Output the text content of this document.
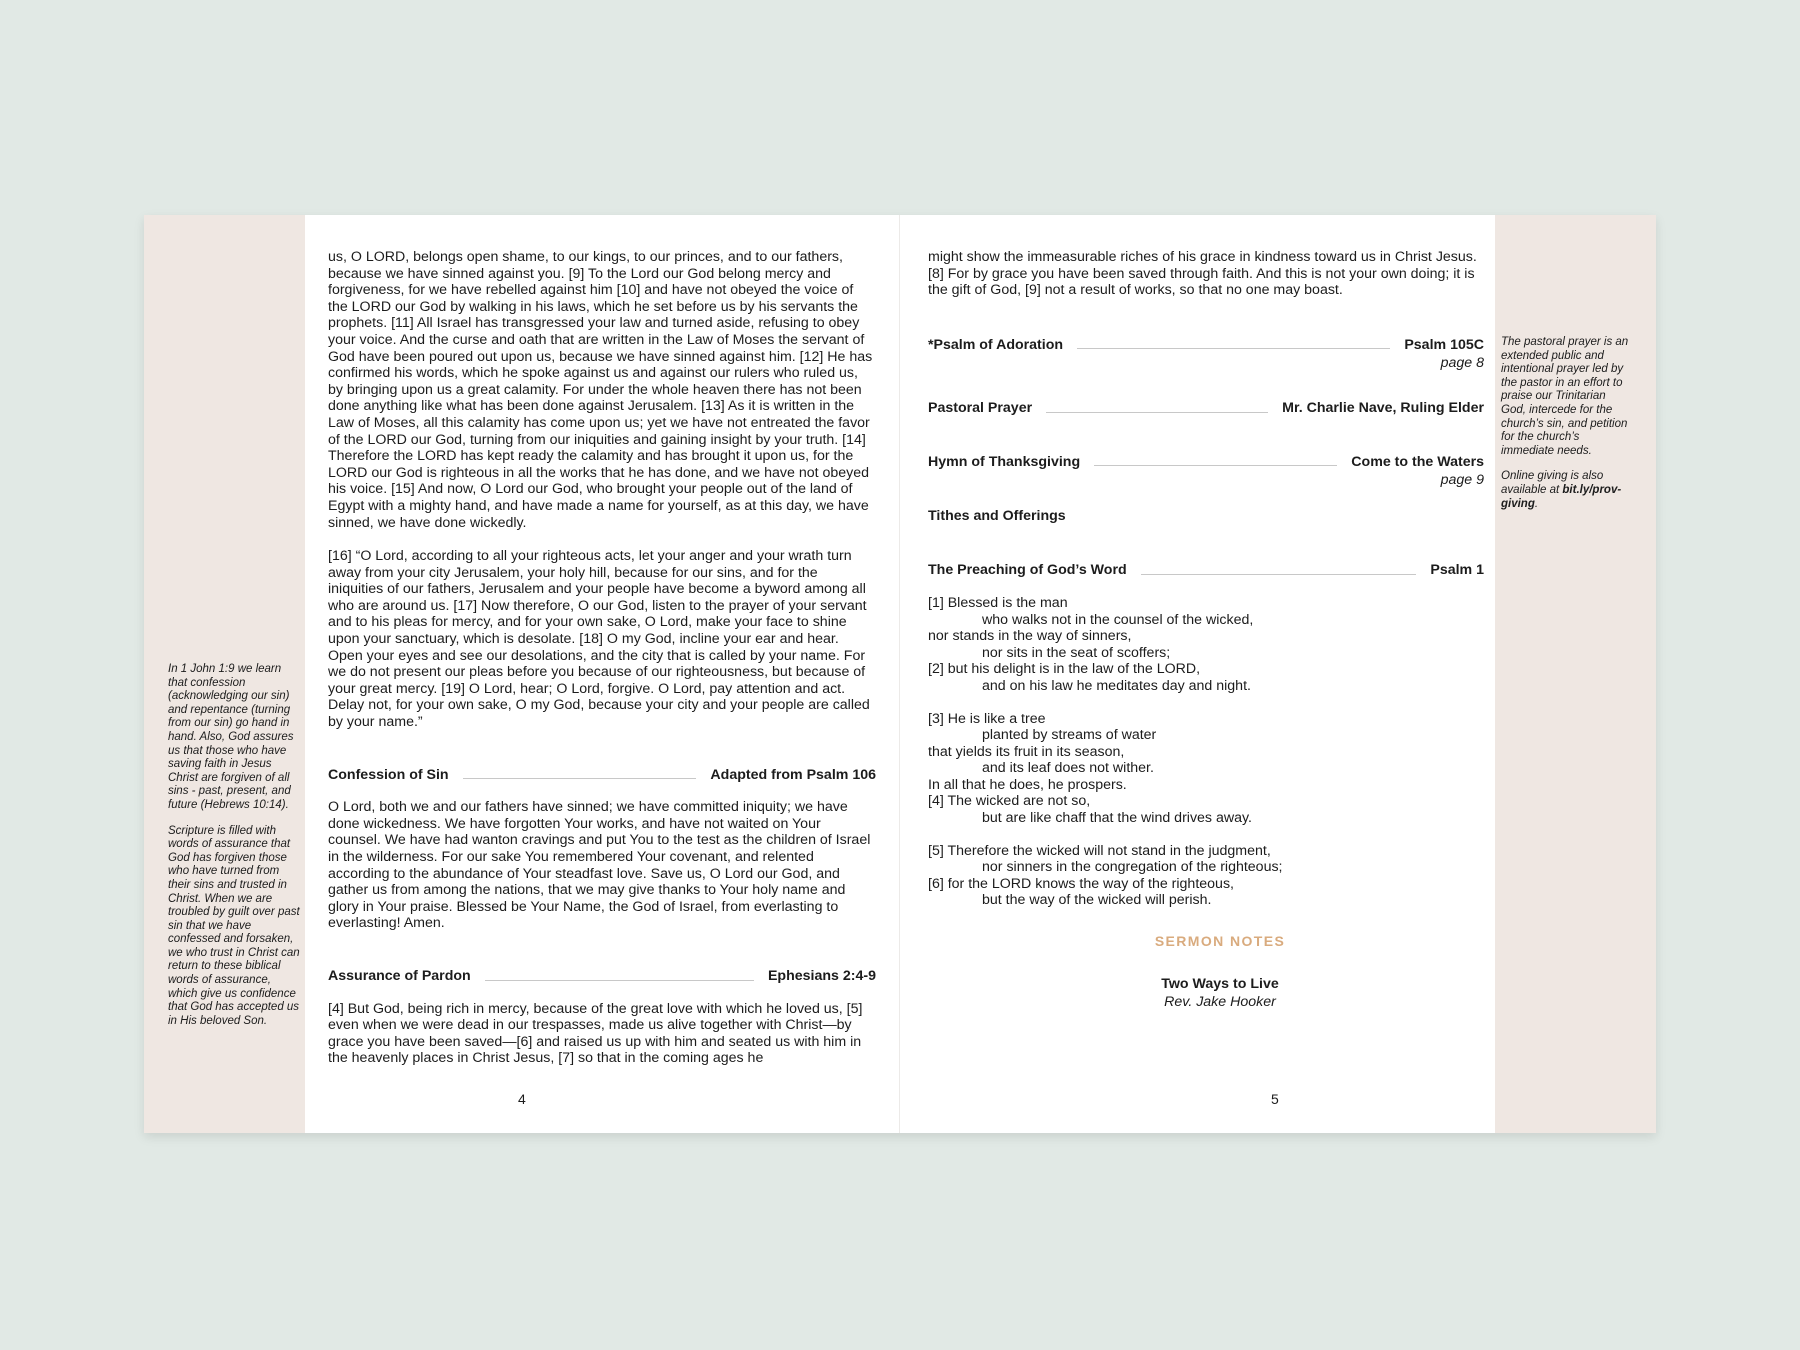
In 1 John 1:9 we learn that confession (acknowledging our sin) and repentance (turning from our sin) go hand in hand. Also, God assures us that those who have saving faith in Jesus Christ are forgiven of all sins - past, present, and future (Hebrews 10:14).

Scripture is filled with words of assurance that God has forgiven those who have turned from their sins and trusted in Christ. When we are troubled by guilt over past sin that we have confessed and forsaken, we who trust in Christ can return to these biblical words of assurance, which give us confidence that God has accepted us in His beloved Son.

us, O LORD, belongs open shame, to our kings, to our princes, and to our fathers, because we have sinned against you. [9] To the Lord our God belong mercy and forgiveness, for we have rebelled against him [10] and have not obeyed the voice of the LORD our God by walking in his laws, which he set before us by his servants the prophets. [11] All Israel has transgressed your law and turned aside, refusing to obey your voice. And the curse and oath that are written in the Law of Moses the servant of God have been poured out upon us, because we have sinned against him. [12] He has confirmed his words, which he spoke against us and against our rulers who ruled us, by bringing upon us a great calamity. For under the whole heaven there has not been done anything like what has been done against Jerusalem. [13] As it is written in the Law of Moses, all this calamity has come upon us; yet we have not entreated the favor of the LORD our God, turning from our iniquities and gaining insight by your truth. [14] Therefore the LORD has kept ready the calamity and has brought it upon us, for the LORD our God is righteous in all the works that he has done, and we have not obeyed his voice. [15] And now, O Lord our God, who brought your people out of the land of Egypt with a mighty hand, and have made a name for yourself, as at this day, we have sinned, we have done wickedly.

[16] “O Lord, according to all your righteous acts, let your anger and your wrath turn away from your city Jerusalem, your holy hill, because for our sins, and for the iniquities of our fathers, Jerusalem and your people have become a byword among all who are around us. [17] Now therefore, O our God, listen to the prayer of your servant and to his pleas for mercy, and for your own sake, O Lord, make your face to shine upon your sanctuary, which is desolate. [18] O my God, incline your ear and hear. Open your eyes and see our desolations, and the city that is called by your name. For we do not present our pleas before you because of our righteousness, but because of your great mercy. [19] O Lord, hear; O Lord, forgive. O Lord, pay attention and act. Delay not, for your own sake, O my God, because your city and your people are called by your name.”

Confession of Sin	Adapted from Psalm 106

O Lord, both we and our fathers have sinned; we have committed iniquity; we have done wickedness. We have forgotten Your works, and have not waited on Your counsel. We have had wanton cravings and put You to the test as the children of Israel in the wilderness. For our sake You remembered Your covenant, and relented according to the abundance of Your steadfast love. Save us, O Lord our God, and gather us from among the nations, that we may give thanks to Your holy name and glory in Your praise. Blessed be Your Name, the God of Israel, from everlasting to everlasting! Amen.

Assurance of Pardon	Ephesians 2:4-9

[4] But God, being rich in mercy, because of the great love with which he loved us, [5] even when we were dead in our trespasses, made us alive together with Christ—by grace you have been saved—[6] and raised us up with him and seated us with him in the heavenly places in Christ Jesus, [7] so that in the coming ages he

4

might show the immeasurable riches of his grace in kindness toward us in Christ Jesus. [8] For by grace you have been saved through faith. And this is not your own doing; it is the gift of God, [9] not a result of works, so that no one may boast.

*Psalm of Adoration	Psalm 105C
page 8
Pastoral Prayer	Mr. Charlie Nave, Ruling Elder
Hymn of Thanksgiving	Come to the Waters
page 9
Tithes and Offerings
The Preaching of God’s Word	Psalm 1
[1] Blessed is the man
who walks not in the counsel of the wicked,
nor stands in the way of sinners,
nor sits in the seat of scoffers;
[2] but his delight is in the law of the LORD,
and on his law he meditates day and night.
[3] He is like a tree
planted by streams of water
that yields its fruit in its season,
and its leaf does not wither.
In all that he does, he prospers.
[4] The wicked are not so,
but are like chaff that the wind drives away.
[5] Therefore the wicked will not stand in the judgment,
nor sinners in the congregation of the righteous;
[6] for the LORD knows the way of the righteous,
but the way of the wicked will perish.
SERMON NOTES
Two Ways to Live
Rev. Jake Hooker
5

The pastoral prayer is an extended public and intentional prayer led by the pastor in an effort to praise our Trinitarian God, intercede for the church’s sin, and petition for the church’s immediate needs.

Online giving is also available at bit.ly/prov-giving.
